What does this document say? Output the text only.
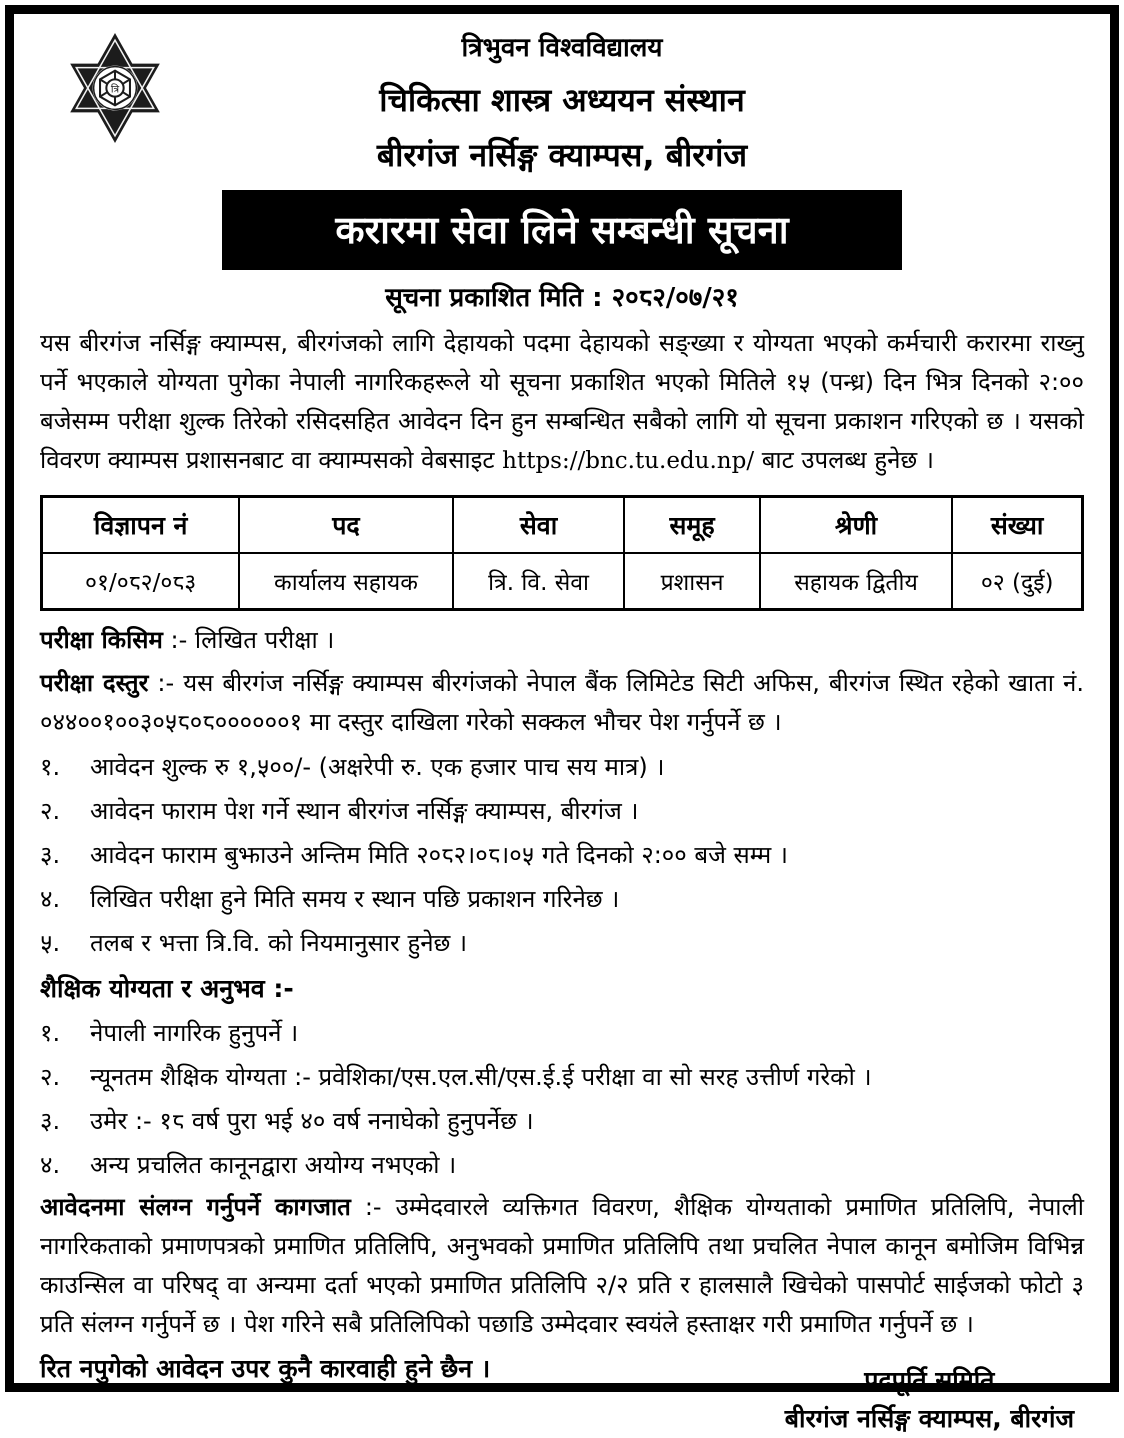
त्रि
त्रिभुवन विश्वविद्यालय
चिकित्सा शास्त्र अध्ययन संस्थान
बीरगंज नर्सिङ्ग क्याम्पस, बीरगंज
करारमा सेवा लिने सम्बन्धी सूचना
सूचना प्रकाशित मिति : २०८२/०७/२१

यस बीरगंज नर्सिङ्ग क्याम्पस, बीरगंजको लागि देहायको पदमा देहायको सङ्ख्या र योग्यता भएको कर्मचारी करारमा राख्नु पर्ने भएकाले योग्यता पुगेका नेपाली नागरिकहरूले यो सूचना प्रकाशित भएको मितिले १५ (पन्ध्र) दिन भित्र दिनको २:०० बजेसम्म परीक्षा शुल्क तिरेको रसिदसहित आवेदन दिन हुन सम्बन्धित सबैको लागि यो सूचना प्रकाशन गरिएको छ । यसको विवरण क्याम्पस प्रशासनबाट वा क्याम्पसको वेबसाइट https://bnc.tu.edu.np/ बाट उपलब्ध हुनेछ ।

विज्ञापन नं	पद	सेवा	समूह	श्रेणी	संख्या
०१/०८२/०८३	कार्यालय सहायक	त्रि. वि. सेवा	प्रशासन	सहायक द्वितीय	०२ (दुई)

परीक्षा किसिम :- लिखित परीक्षा ।

परीक्षा दस्तुर :- यस बीरगंज नर्सिङ्ग क्याम्पस बीरगंजको नेपाल बैंक लिमिटेड सिटी अफिस, बीरगंज स्थित रहेको खाता नं. ०४४००१००३०५८०८००००००१ मा दस्तुर दाखिला गरेको सक्कल भौचर पेश गर्नुपर्ने छ ।

१.	आवेदन शुल्क रु १,५००/- (अक्षरेपी रु. एक हजार पाच सय मात्र) ।
२.	आवेदन फाराम पेश गर्ने स्थान बीरगंज नर्सिङ्ग क्याम्पस, बीरगंज ।
३.	आवेदन फाराम बुझाउने अन्तिम मिति २०८२।०८।०५ गते दिनको २:०० बजे सम्म ।
४.	लिखित परीक्षा हुने मिति समय र स्थान पछि प्रकाशन गरिनेछ ।
५.	तलब र भत्ता त्रि.वि. को नियमानुसार हुनेछ ।
शैक्षिक योग्यता र अनुभव :-
१.	नेपाली नागरिक हुनुपर्ने ।
२.	न्यूनतम शैक्षिक योग्यता :- प्रवेशिका/एस.एल.सी/एस.ई.ई परीक्षा वा सो सरह उत्तीर्ण गरेको ।
३.	उमेर :- १८ वर्ष पुरा भई ४० वर्ष ननाघेको हुनुपर्नेछ ।
४.	अन्य प्रचलित कानूनद्वारा अयोग्य नभएको ।

आवेदनमा संलग्न गर्नुपर्ने कागजात :- उम्मेदवारले व्यक्तिगत विवरण, शैक्षिक योग्यताको प्रमाणित प्रतिलिपि, नेपाली नागरिकताको प्रमाणपत्रको प्रमाणित प्रतिलिपि, अनुभवको प्रमाणित प्रतिलिपि तथा प्रचलित नेपाल कानून बमोजिम विभिन्न काउन्सिल वा परिषद् वा अन्यमा दर्ता भएको प्रमाणित प्रतिलिपि २/२ प्रति र हालसालै खिचेको पासपोर्ट साईजको फोटो ३ प्रति संलग्न गर्नुपर्ने छ । पेश गरिने सबै प्रतिलिपिको पछाडि उम्मेदवार स्वयंले हस्ताक्षर गरी प्रमाणित गर्नुपर्ने छ ।

रित नपुगेको आवेदन उपर कुनै कारवाही हुने छैन ।	पदपूर्ति समिति
बीरगंज नर्सिङ्ग क्याम्पस, बीरगंज
